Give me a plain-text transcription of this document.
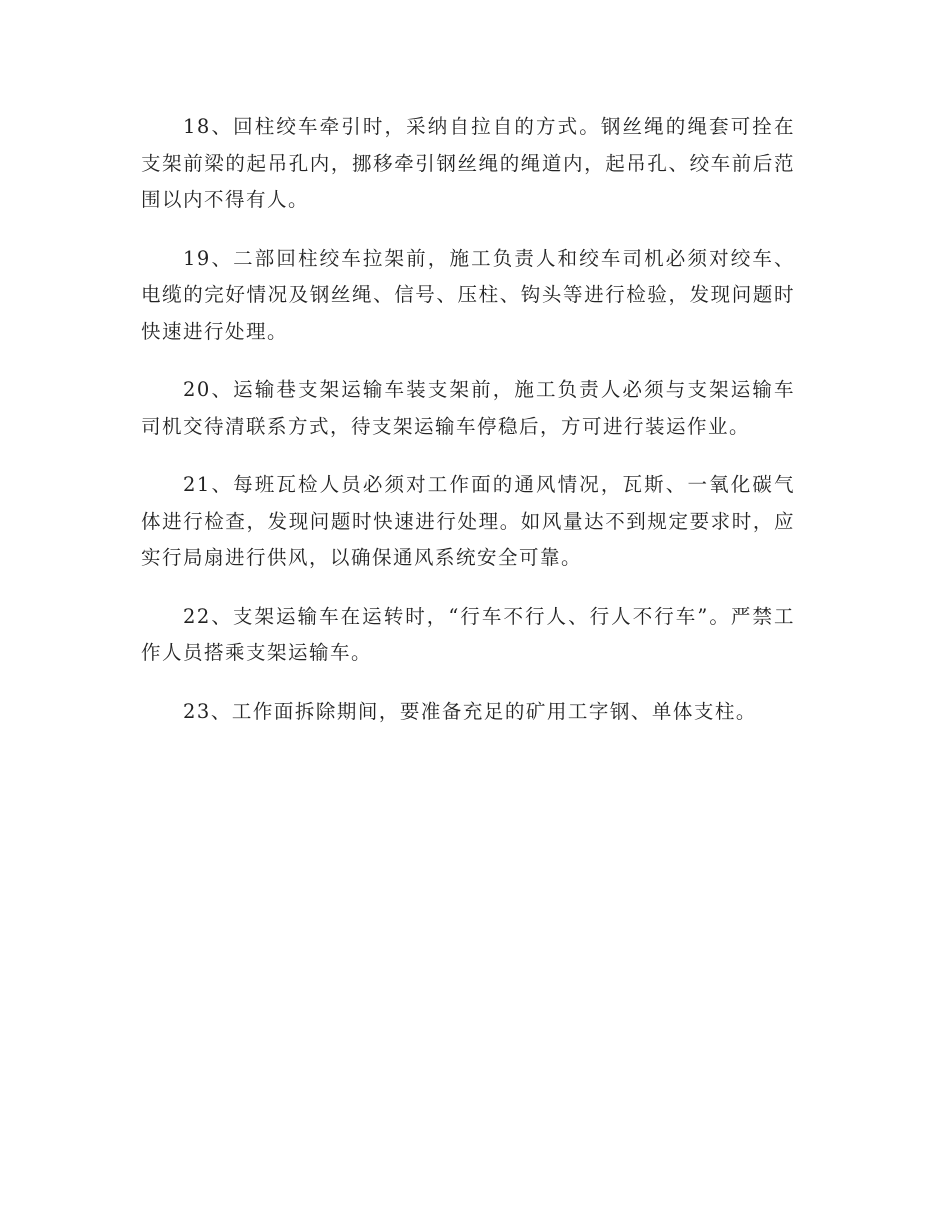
18、回柱绞车牵引时，采纳自拉自的方式。钢丝绳的绳套可拴在支架前梁的起吊孔内，挪移牵引钢丝绳的绳道内，起吊孔、绞车前后范围以内不得有人。

19、二部回柱绞车拉架前，施工负责人和绞车司机必须对绞车、电缆的完好情况及钢丝绳、信号、压柱、钩头等进行检验，发现问题时快速进行处理。

20、运输巷支架运输车装支架前，施工负责人必须与支架运输车司机交待清联系方式，待支架运输车停稳后，方可进行装运作业。

21、每班瓦检人员必须对工作面的通风情况，瓦斯、一氧化碳气体进行检查，发现问题时快速进行处理。如风量达不到规定要求时，应实行局扇进行供风，以确保通风系统安全可靠。

22、支架运输车在运转时，“行车不行人、行人不行车”。严禁工作人员搭乘支架运输车。

23、工作面拆除期间，要准备充足的矿用工字钢、单体支柱。
